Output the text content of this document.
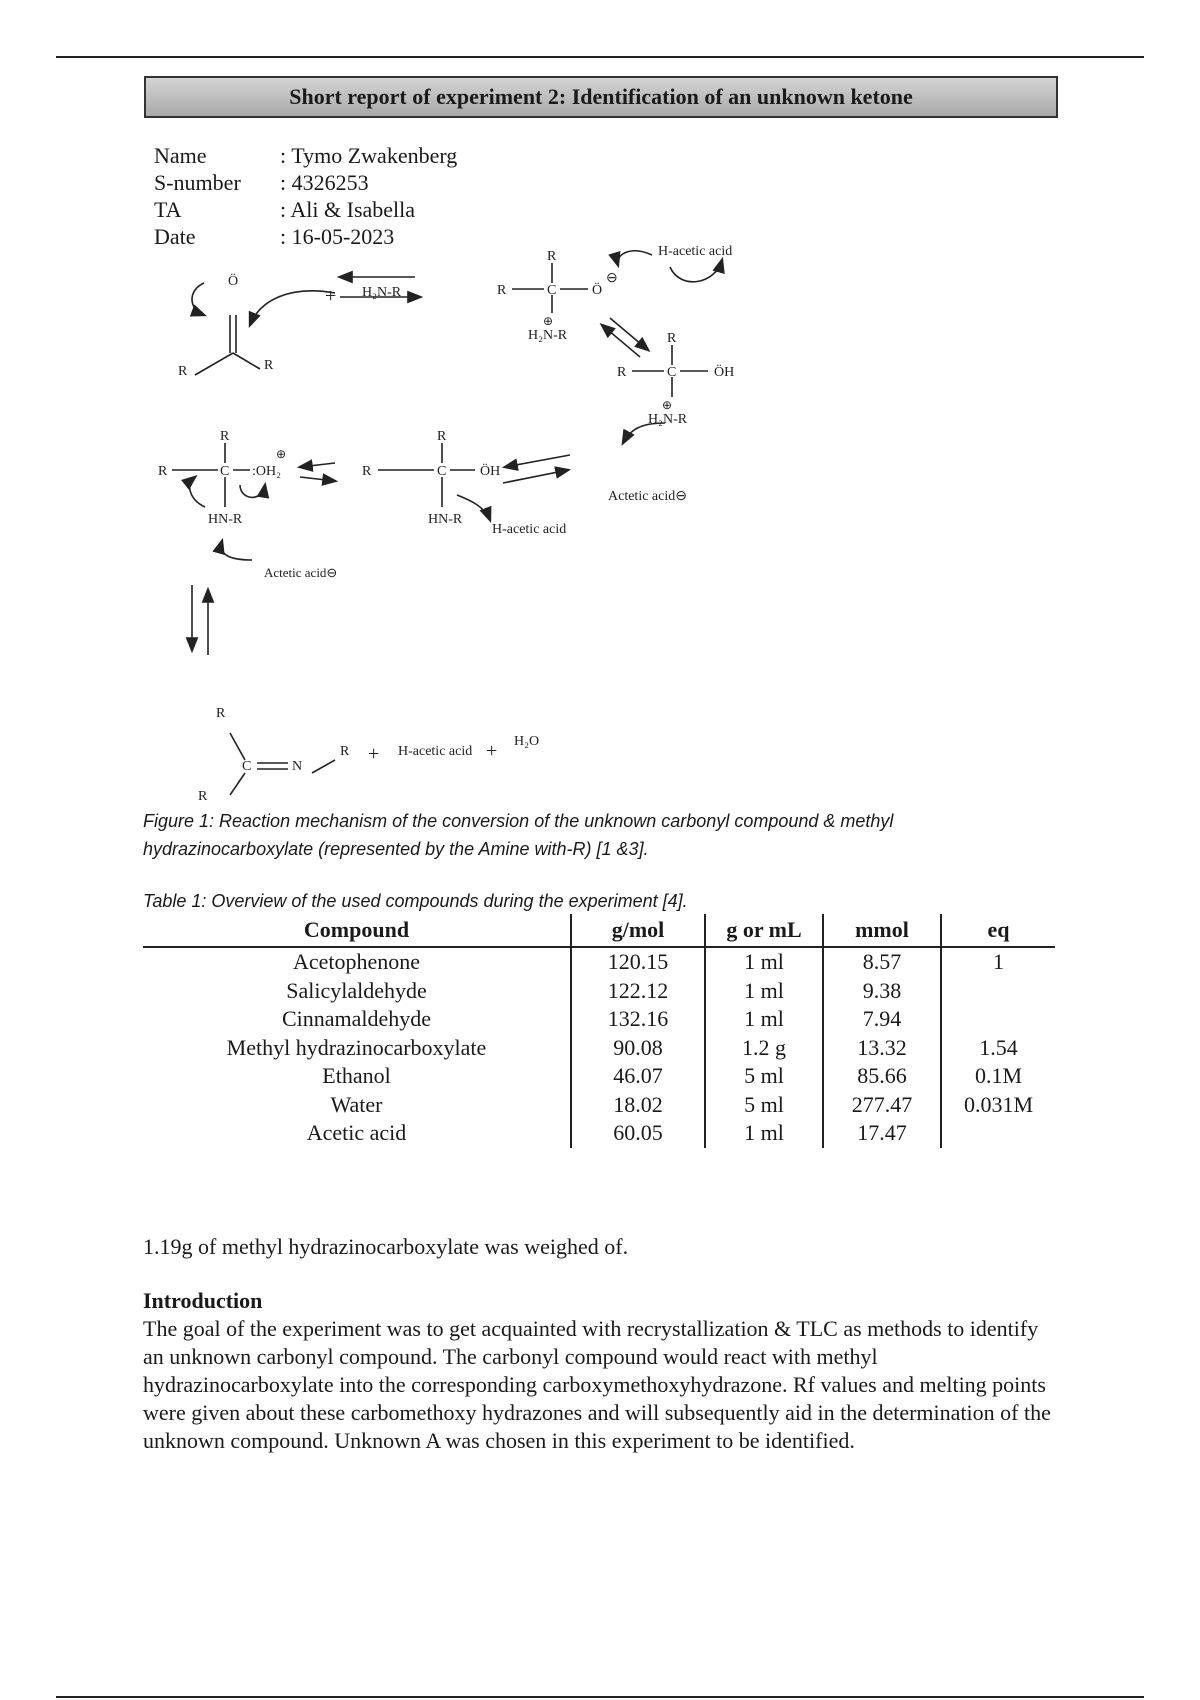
Short report of experiment 2: Identification of an unknown ketone
Name	: Tymo Zwakenberg
S-number	: 4326253
TA	: Ali & Isabella
Date	: 16-05-2023
Ö
R	R
+ H₂N-R
R
R	C	Ö
⊖
⊕
H₂N-R
H-acetic acid
R
R	C	ÖH
⊕
H₂N-R
Actetic acid⊖
R
R	C ÖH
HN-R
H-acetic acid
R
R	C :OH₂
⊕
HN-R
Actetic acid⊖
R
C	N
R
R
+ H-acetic acid + H₂O
Figure 1: Reaction mechanism of the conversion of the unknown carbonyl compound & methyl hydrazinocarboxylate (represented by the Amine with-R) [1 &3].
Table 1: Overview of the used compounds during the experiment [4].
Compound	g/mol	g or mL	mmol	eq
Acetophenone	120.15	1 ml	8.57	1
Salicylaldehyde	122.12	1 ml	9.38	
Cinnamaldehyde	132.16	1 ml	7.94	
Methyl hydrazinocarboxylate	90.08	1.2 g	13.32	1.54
Ethanol	46.07	5 ml	85.66	0.1M
Water	18.02	5 ml	277.47	0.031M
Acetic acid	60.05	1 ml	17.47	
1.19g of methyl hydrazinocarboxylate was weighed of.
Introduction
The goal of the experiment was to get acquainted with recrystallization & TLC as methods to identify an unknown carbonyl compound. The carbonyl compound would react with methyl hydrazinocarboxylate into the corresponding carboxymethoxyhydrazone. Rf values and melting points were given about these carbomethoxy hydrazones and will subsequently aid in the determination of the unknown compound. Unknown A was chosen in this experiment to be identified.
